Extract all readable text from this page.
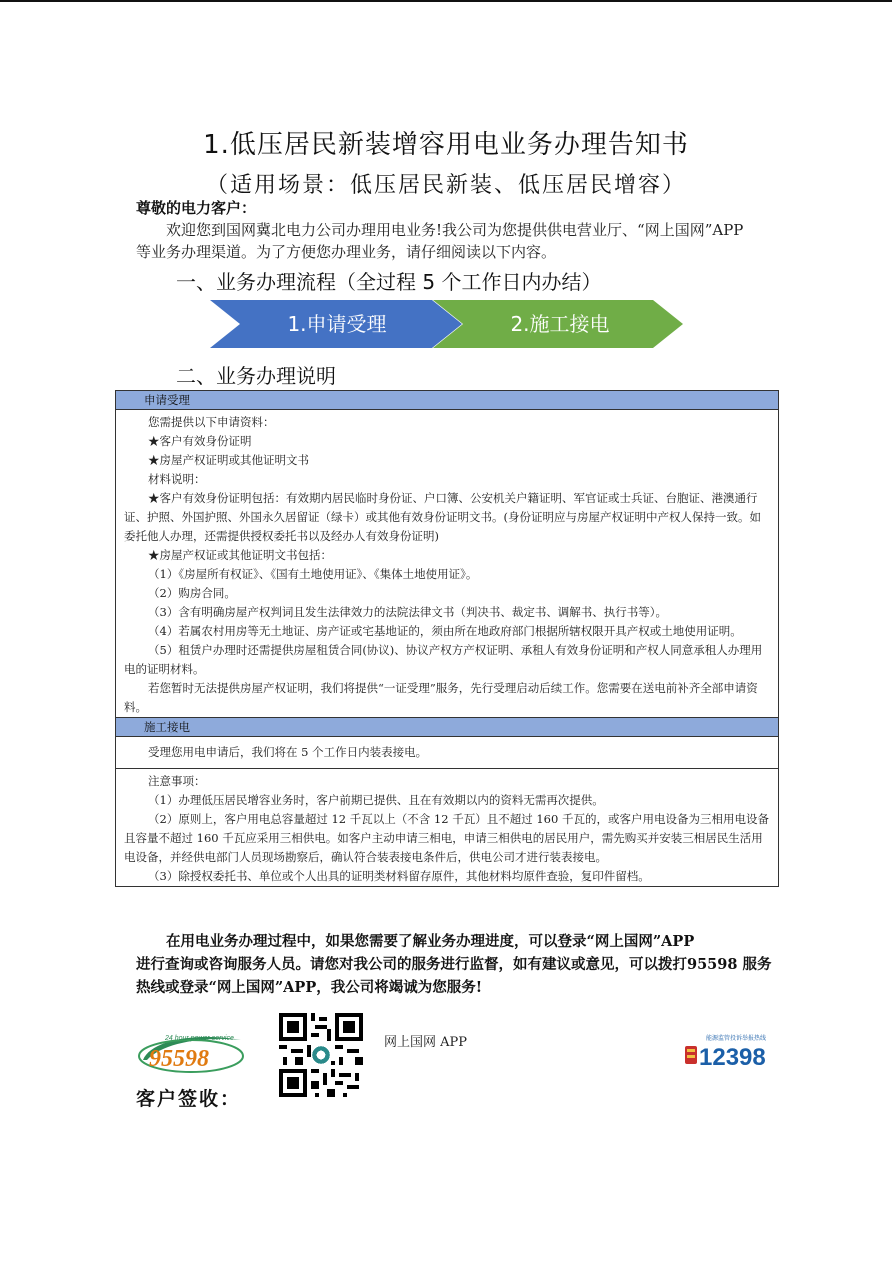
1.低压居民新装增容用电业务办理告知书
（适用场景：低压居民新装、低压居民增容）
尊敬的电力客户：
欢迎您到国网冀北电力公司办理用电业务!我公司为您提供供电营业厅、“网上国网”APP 等业务办理渠道。为了方便您办理业务，请仔细阅读以下内容。
一、业务办理流程（全过程 5 个工作日内办结）
1.申请受理	2.施工接电
二、业务办理说明
申请受理

您需提供以下申请资料：

★客户有效身份证明

★房屋产权证明或其他证明文书

材料说明：

★客户有效身份证明包括：有效期内居民临时身份证、户口簿、公安机关户籍证明、军官证或士兵证、台胞证、港澳通行证、护照、外国护照、外国永久居留证（绿卡）或其他有效身份证明文书。(身份证明应与房屋产权证明中产权人保持一致。如委托他人办理，还需提供授权委托书以及经办人有效身份证明)

★房屋产权证或其他证明文书包括：

（1）《房屋所有权证》、《国有土地使用证》、《集体土地使用证》。

（2）购房合同。

（3）含有明确房屋产权判词且发生法律效力的法院法律文书（判决书、裁定书、调解书、执行书等）。

（4）若属农村用房等无土地证、房产证或宅基地证的，须由所在地政府部门根据所辖权限开具产权或土地使用证明。

（5）租赁户办理时还需提供房屋租赁合同(协议)、协议产权方产权证明、承租人有效身份证明和产权人同意承租人办理用电的证明材料。

若您暂时无法提供房屋产权证明，我们将提供“一证受理”服务，先行受理启动后续工作。您需要在送电前补齐全部申请资料。

施工接电

受理您用电申请后，我们将在 5 个工作日内装表接电。

注意事项：

（1）办理低压居民增容业务时，客户前期已提供、且在有效期以内的资料无需再次提供。

（2）原则上，客户用电总容量超过 12 千瓦以上（不含 12 千瓦）且不超过 160 千瓦的，或客户用电设备为三相用电设备且容量不超过 160 千瓦应采用三相供电。如客户主动申请三相电，申请三相供电的居民用户，需先购买并安装三相居民生活用电设备，并经供电部门人员现场勘察后，确认符合装表接电条件后，供电公司才进行装表接电。

（3）除授权委托书、单位或个人出具的证明类材料留存原件，其他材料均原件查验，复印件留档。

在用电业务办理过程中，如果您需要了解业务办理进度，可以登录“网上国网”APP
进行查询或咨询服务人员。请您对我公司的服务进行监督，如有建议或意见，可以拨打95598 服务热线或登录“网上国网”APP，我公司将竭诚为您服务!
24 hour power service
95598
网上国网 APP	能源监管投诉举报热线
12398
客户签收：
